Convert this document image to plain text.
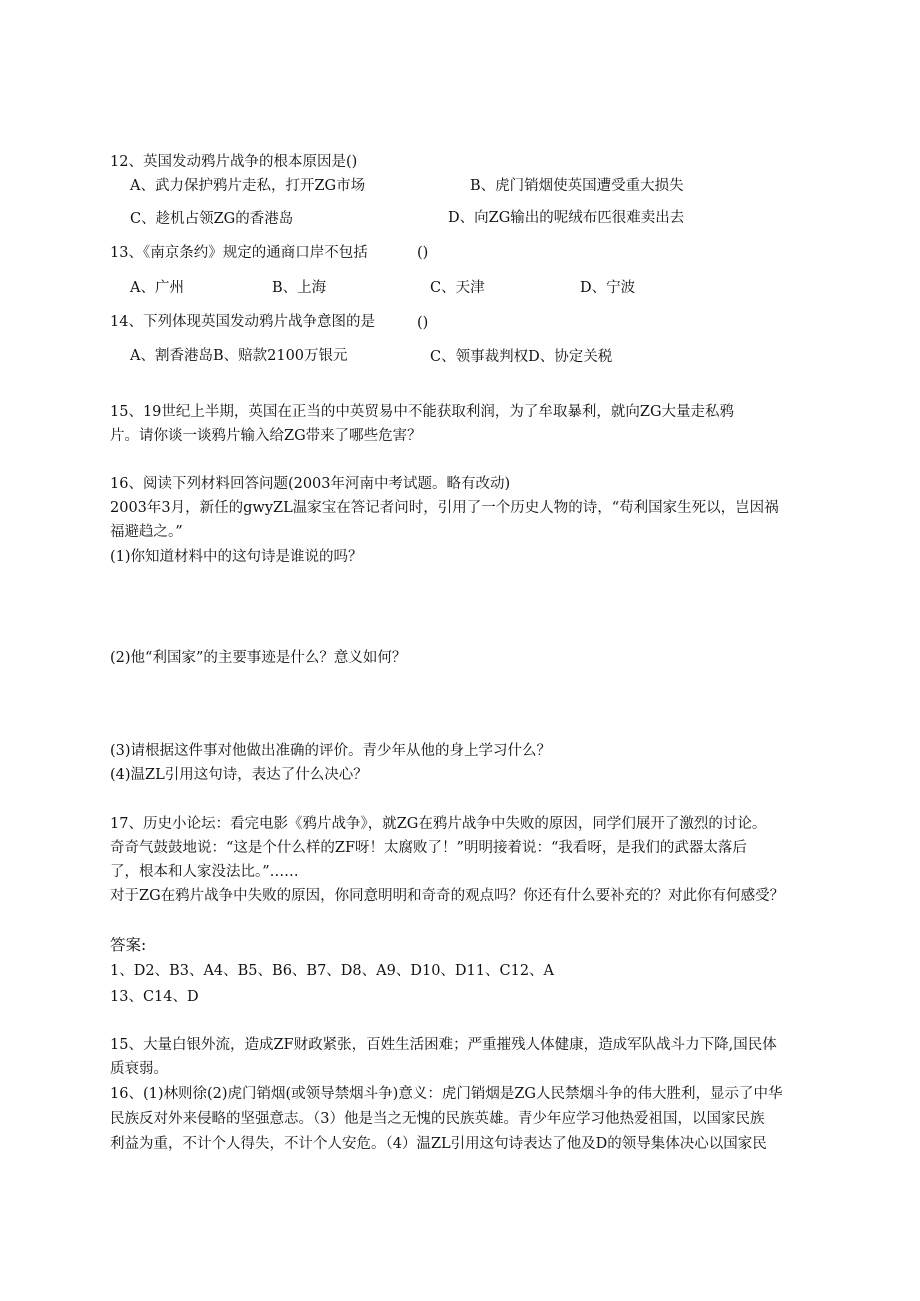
12、英国发动鸦片战争的根本原因是()
A、武力保护鸦片走私，打开ZG市场	B、虎门销烟使英国遭受重大损失
C、趁机占领ZG的香港岛	D、向ZG输出的呢绒布匹很难卖出去
13、《南京条约》规定的通商口岸不包括	()
A、广州	B、上海	C、天津	D、宁波
14、下列体现英国发动鸦片战争意图的是	()
A、割香港岛B、赔款2100万银元	C、领事裁判权D、协定关税
15、19世纪上半期，英国在正当的中英贸易中不能获取利润，为了牟取暴利，就向ZG大量走私鸦
片。请你谈一谈鸦片输入给ZG带来了哪些危害？
16、阅读下列材料回答问题(2003年河南中考试题。略有改动)
2003年3月，新任的gwyZL温家宝在答记者问时，引用了一个历史人物的诗，“苟利国家生死以，岂因祸
福避趋之。”
(1)你知道材料中的这句诗是谁说的吗？
(2)他“利国家”的主要事迹是什么？意义如何？
(3)请根据这件事对他做出准确的评价。青少年从他的身上学习什么？
(4)温ZL引用这句诗，表达了什么决心？
17、历史小论坛：看完电影《鸦片战争》，就ZG在鸦片战争中失败的原因，同学们展开了激烈的讨论。
奇奇气鼓鼓地说：“这是个什么样的ZF呀！太腐败了！”明明接着说：“我看呀，是我们的武器太落后
了，根本和人家没法比。”……
对于ZG在鸦片战争中失败的原因，你同意明明和奇奇的观点吗？你还有什么要补充的？对此你有何感受？
答案:
1、D2、B3、A4、B5、B6、B7、D8、A9、D10、D11、C12、A
13、C14、D
15、大量白银外流，造成ZF财政紧张，百姓生活困难；严重摧残人体健康，造成军队战斗力下降,国民体
质衰弱。
16、(1)林则徐(2)虎门销烟(或领导禁烟斗争)意义：虎门销烟是ZG人民禁烟斗争的伟大胜利，显示了中华
民族反对外来侵略的坚强意志。（3）他是当之无愧的民族英雄。青少年应学习他热爱祖国，以国家民族
利益为重，不计个人得失，不计个人安危。（4）温ZL引用这句诗表达了他及D的领导集体决心以国家民
